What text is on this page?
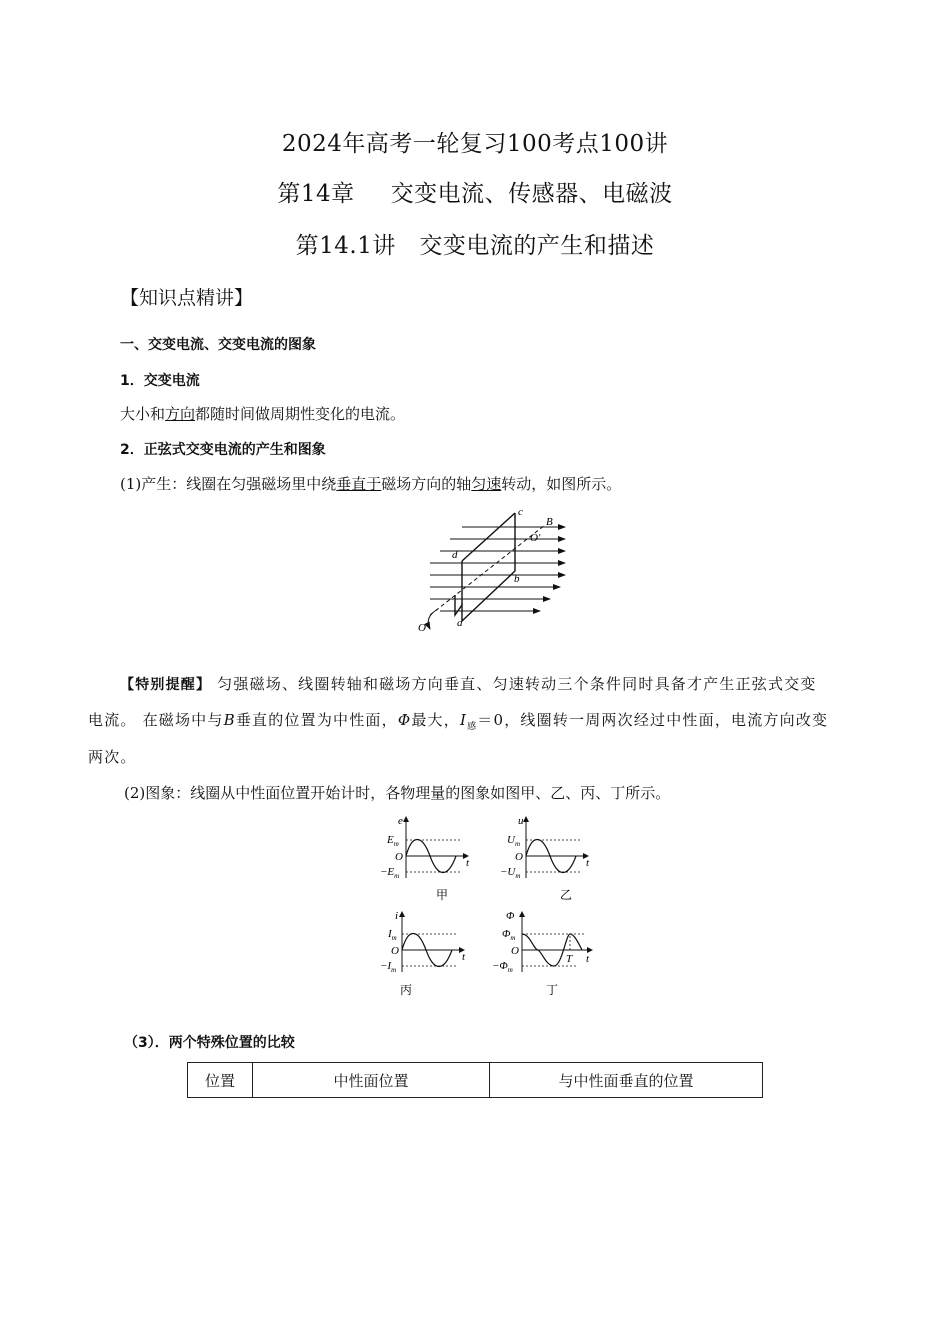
2024年高考一轮复习100考点100讲
第14章 交变电流、传感器、电磁波
第14.1讲　交变电流的产生和描述
【知识点精讲】
一、交变电流、交变电流的图象
1．交变电流
大小和方向都随时间做周期性变化的电流。
2．正弦式交变电流的产生和图象
(1)产生：线圈在匀强磁场里中绕垂直于磁场方向的轴匀速转动，如图所示。
c
B
O′
d
b
O	a
【特别提醒】 匀强磁场、线圈转轴和磁场方向垂直、匀速转动三个条件同时具备才产生正弦式交变
电流。 在磁场中与B垂直的位置为中性面，Φ最大，$I_感=0$，线圈转一周两次经过中性面，电流方向改变
两次。
(2)图象：线圈从中性面位置开始计时，各物理量的图象如图甲、乙、丙、丁所示。
e
$E_m$
O	t
$-E_m$
甲
u
$U_m$
O	t
$-U_m$
乙
i
$I_m$
O	t
$-I_m$
丙
Φ
$\Phi_m$
O
T t
$-\Phi_m$
丁
（3）．两个特殊位置的比较
位置	中性面位置	与中性面垂直的位置
